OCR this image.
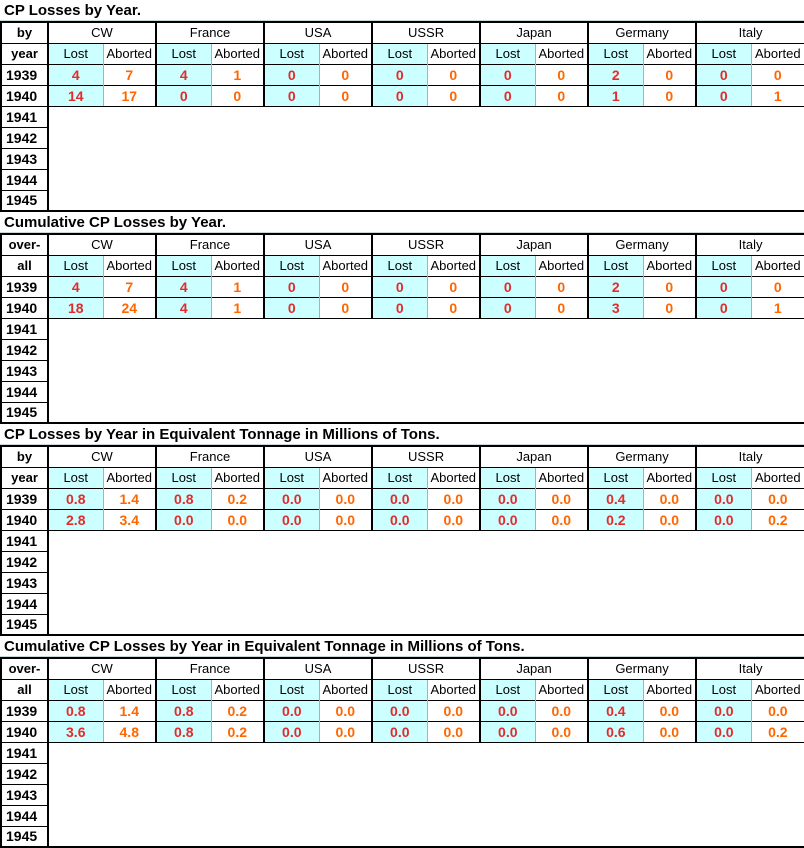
CP Losses by Year.
by	CW		France		USA		USSR		Japan		Germany		Italy	
year	Lost	Aborted	Lost	Aborted	Lost	Aborted	Lost	Aborted	Lost	Aborted	Lost	Aborted	Lost	Aborted
1939	4	7	4	1	0	0	0	0	0	0	2	0	0	0
1940	14	17	0	0	0	0	0	0	0	0	1	0	0	1
1941														
1942														
1943														
1944														
1945														
Cumulative CP Losses by Year.
over-	CW		France		USA		USSR		Japan		Germany		Italy	
all	Lost	Aborted	Lost	Aborted	Lost	Aborted	Lost	Aborted	Lost	Aborted	Lost	Aborted	Lost	Aborted
1939	4	7	4	1	0	0	0	0	0	0	2	0	0	0
1940	18	24	4	1	0	0	0	0	0	0	3	0	0	1
1941														
1942														
1943														
1944														
1945														
CP Losses by Year in Equivalent Tonnage in Millions of Tons.
by	CW		France		USA		USSR		Japan		Germany		Italy	
year	Lost	Aborted	Lost	Aborted	Lost	Aborted	Lost	Aborted	Lost	Aborted	Lost	Aborted	Lost	Aborted
1939	0.8	1.4	0.8	0.2	0.0	0.0	0.0	0.0	0.0	0.0	0.4	0.0	0.0	0.0
1940	2.8	3.4	0.0	0.0	0.0	0.0	0.0	0.0	0.0	0.0	0.2	0.0	0.0	0.2
1941														
1942														
1943														
1944														
1945														
Cumulative CP Losses by Year in Equivalent Tonnage in Millions of Tons.
over-	CW		France		USA		USSR		Japan		Germany		Italy	
all	Lost	Aborted	Lost	Aborted	Lost	Aborted	Lost	Aborted	Lost	Aborted	Lost	Aborted	Lost	Aborted
1939	0.8	1.4	0.8	0.2	0.0	0.0	0.0	0.0	0.0	0.0	0.4	0.0	0.0	0.0
1940	3.6	4.8	0.8	0.2	0.0	0.0	0.0	0.0	0.0	0.0	0.6	0.0	0.0	0.2
1941														
1942														
1943														
1944														
1945														
